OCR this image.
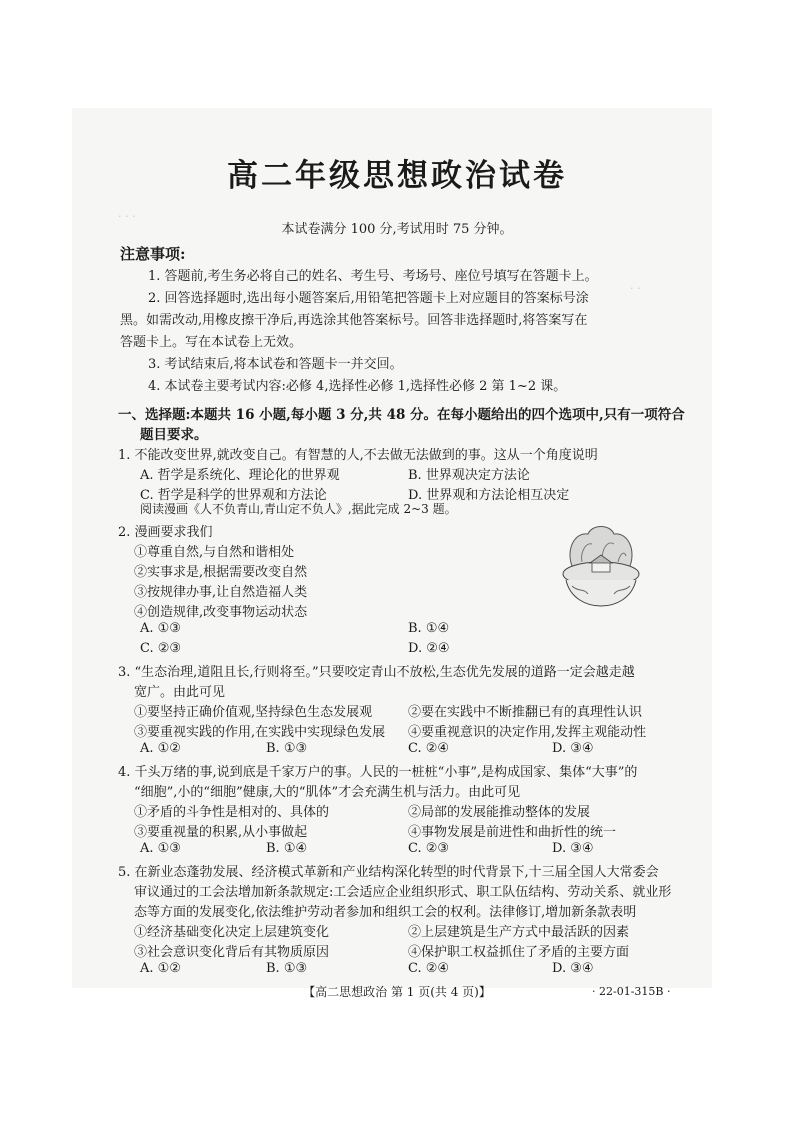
· · ·
· ·
高二年级思想政治试卷
本试卷满分 100 分,考试用时 75 分钟。
注意事项:
1. 答题前,考生务必将自己的姓名、考生号、考场号、座位号填写在答题卡上。
2. 回答选择题时,选出每小题答案后,用铅笔把答题卡上对应题目的答案标号涂
黑。如需改动,用橡皮擦干净后,再选涂其他答案标号。回答非选择题时,将答案写在
答题卡上。写在本试卷上无效。
3. 考试结束后,将本试卷和答题卡一并交回。
4. 本试卷主要考试内容:必修 4,选择性必修 1,选择性必修 2 第 1~2 课。
一、选择题:本题共 16 小题,每小题 3 分,共 48 分。在每小题给出的四个选项中,只有一项符合
题目要求。
1. 不能改变世界,就改变自己。有智慧的人,不去做无法做到的事。这从一个角度说明
A. 哲学是系统化、理论化的世界观	B. 世界观决定方法论
C. 哲学是科学的世界观和方法论	D. 世界观和方法论相互决定
阅读漫画《人不负青山,青山定不负人》,据此完成 2~3 题。
2. 漫画要求我们
①尊重自然,与自然和谐相处
②实事求是,根据需要改变自然
③按规律办事,让自然造福人类
④创造规律,改变事物运动状态
A. ①③	B. ①④
C. ②③	D. ②④
3. “生态治理,道阻且长,行则将至。”只要咬定青山不放松,生态优先发展的道路一定会越走越
宽广。由此可见
①要坚持正确价值观,坚持绿色生态发展观	②要在实践中不断推翻已有的真理性认识
③要重视实践的作用,在实践中实现绿色发展 ④要重视意识的决定作用,发挥主观能动性
A. ①②	B. ①③	C. ②④	D. ③④
4. 千头万绪的事,说到底是千家万户的事。人民的一桩桩“小事”,是构成国家、集体“大事”的
“细胞”,小的“细胞”健康,大的“肌体”才会充满生机与活力。由此可见
①矛盾的斗争性是相对的、具体的	②局部的发展能推动整体的发展
③要重视量的积累,从小事做起	④事物发展是前进性和曲折性的统一
A. ①③	B. ①④	C. ②③	D. ③④
5. 在新业态蓬勃发展、经济模式革新和产业结构深化转型的时代背景下,十三届全国人大常委会
审议通过的工会法增加新条款规定:工会适应企业组织形式、职工队伍结构、劳动关系、就业形
态等方面的发展变化,依法维护劳动者参加和组织工会的权利。法律修订,增加新条款表明
①经济基础变化决定上层建筑变化	②上层建筑是生产方式中最活跃的因素
③社会意识变化背后有其物质原因	④保护职工权益抓住了矛盾的主要方面
A. ①②	B. ①③	C. ②④	D. ③④
【高二思想政治 第 1 页(共 4 页)】	· 22-01-315B ·
